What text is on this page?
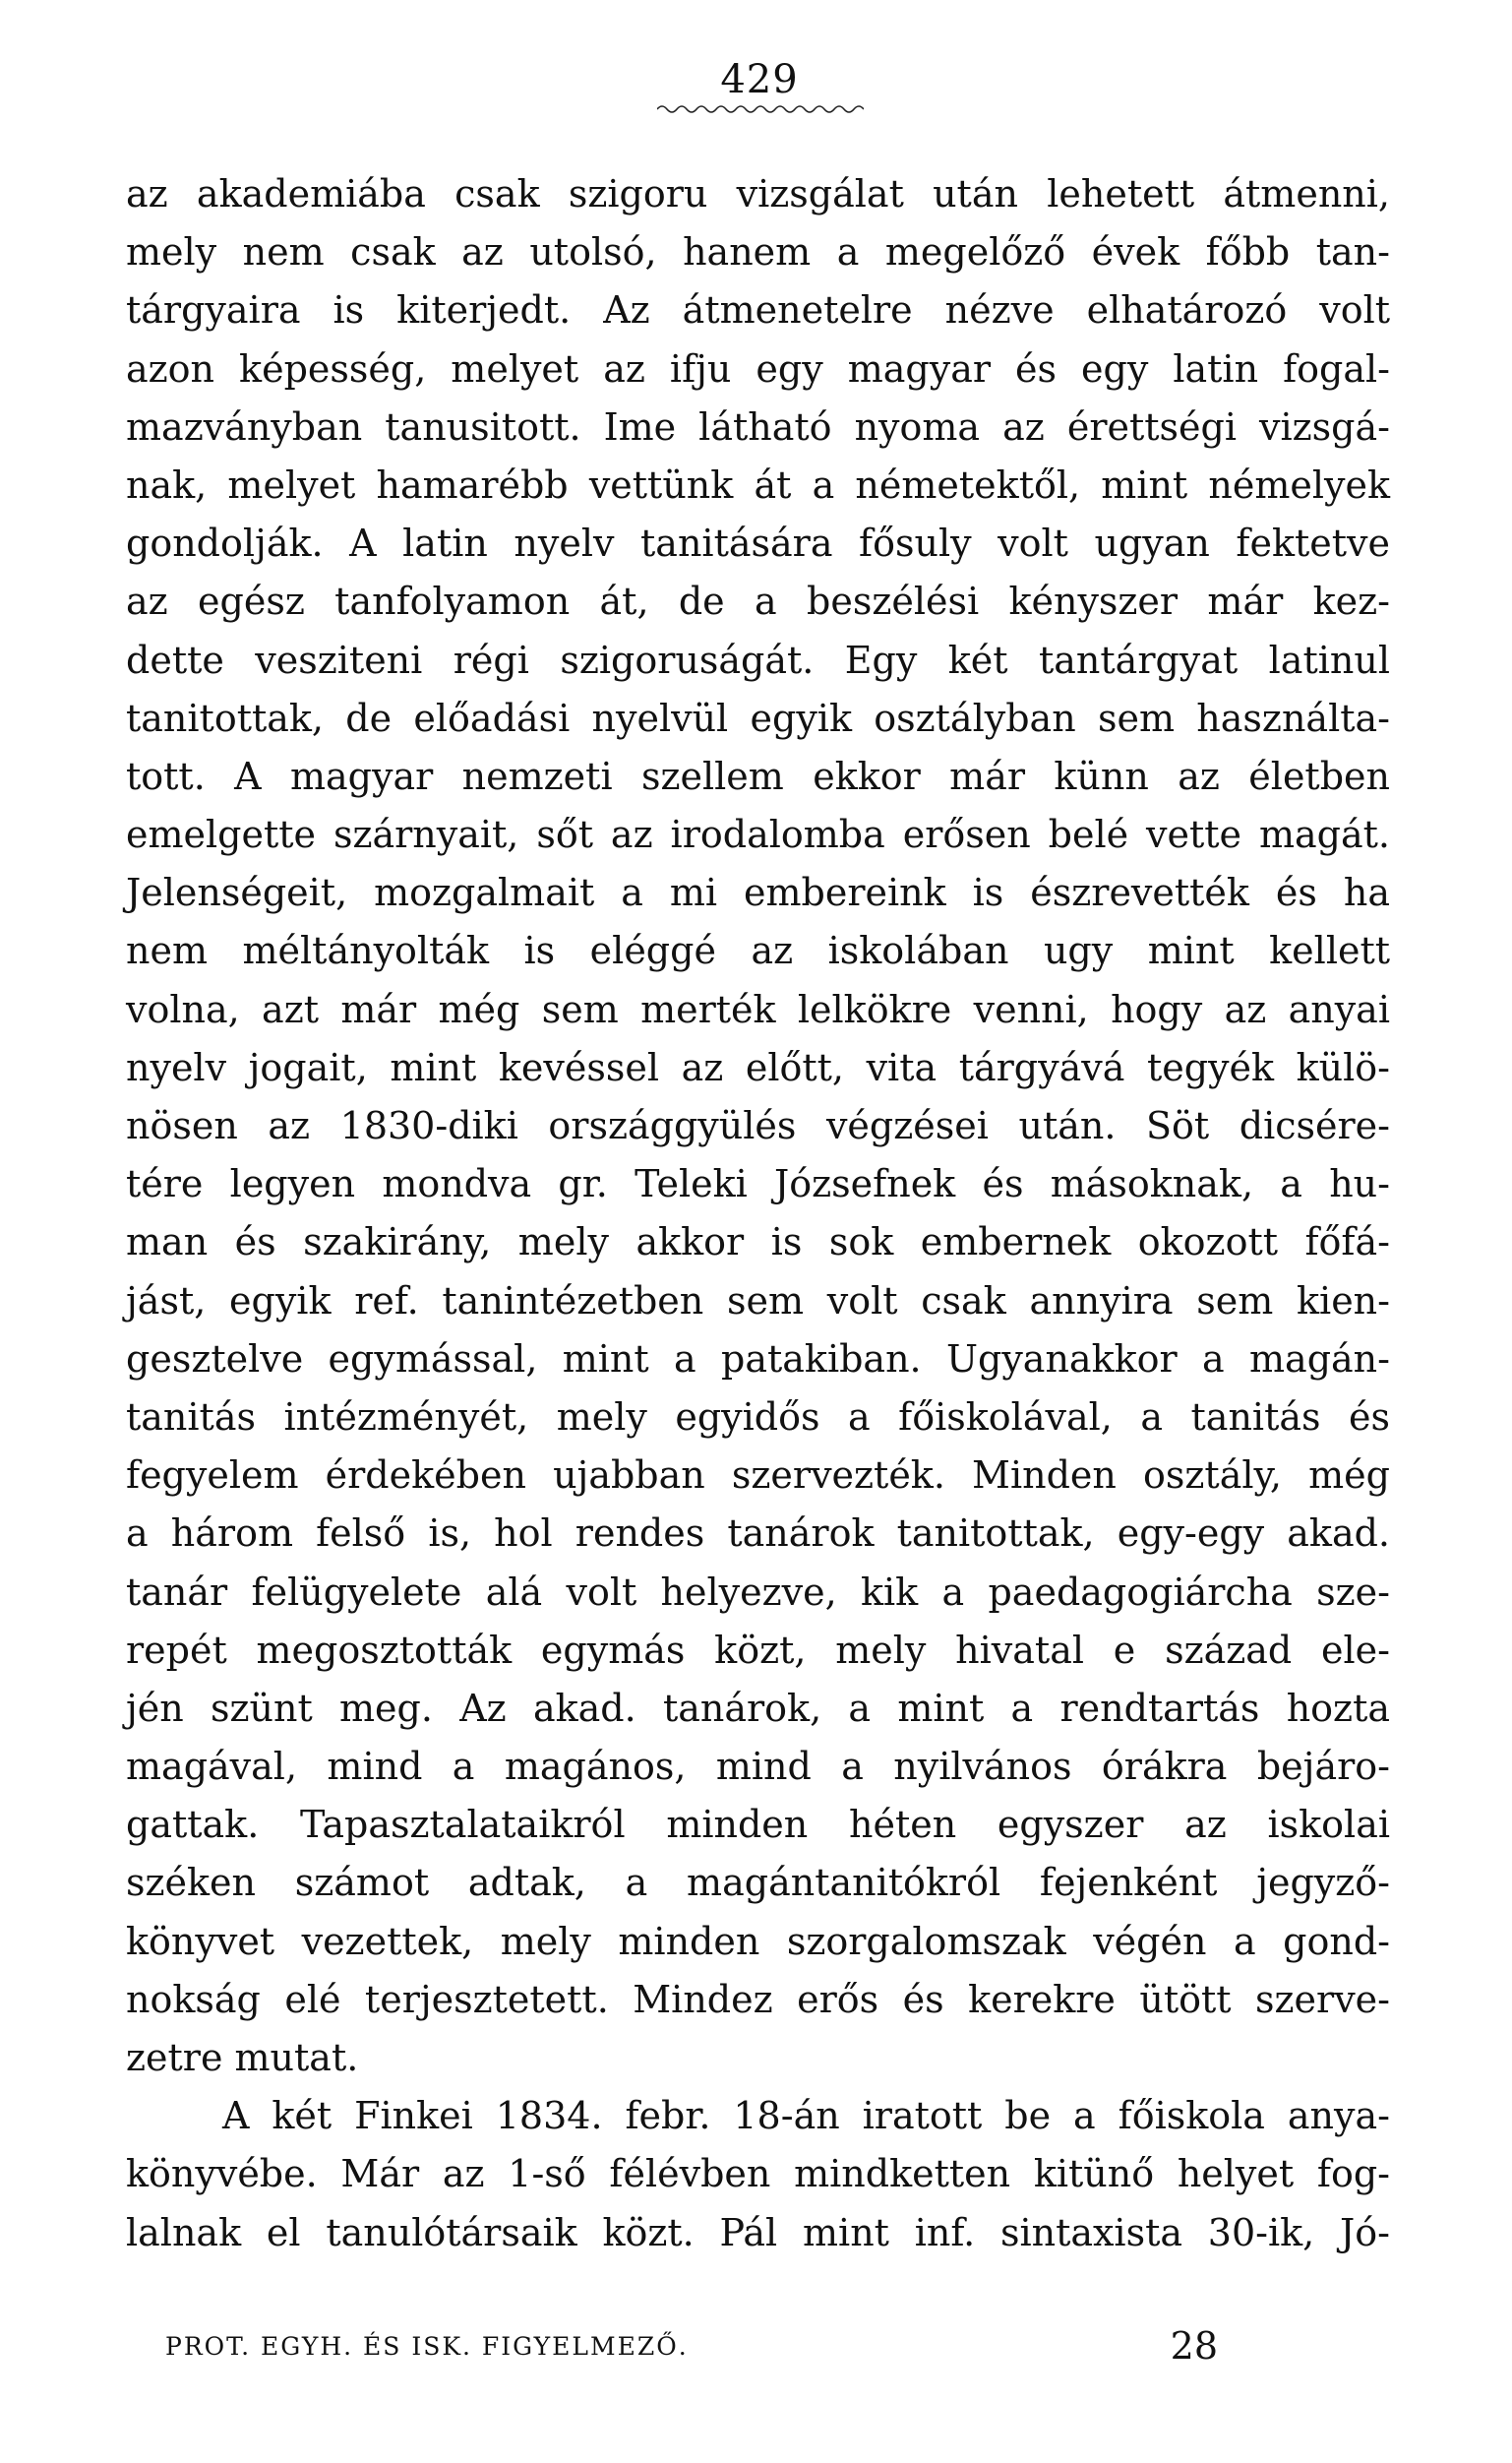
429
az akademiába csak szigoru vizsgálat után lehetett átmenni,
mely nem csak az utolsó, hanem a megelőző évek főbb tan-
tárgyaira is kiterjedt. Az átmenetelre nézve elhatározó volt
azon képesség, melyet az ifju egy magyar és egy latin fogal-
mazványban tanusitott. Ime látható nyoma az érettségi vizsgá-
nak, melyet hamarébb vettünk át a németektől, mint némelyek
gondolják. A latin nyelv tanitására fősuly volt ugyan fektetve
az egész tanfolyamon át, de a beszélési kényszer már kez-
dette vesziteni régi szigoruságát. Egy két tantárgyat latinul
tanitottak, de előadási nyelvül egyik osztályban sem használta-
tott. A magyar nemzeti szellem ekkor már künn az életben
emelgette szárnyait, sőt az irodalomba erősen belé vette magát.
Jelenségeit, mozgalmait a mi embereink is észrevették és ha
nem méltányolták is eléggé az iskolában ugy mint kellett
volna, azt már még sem merték lelkökre venni, hogy az anyai
nyelv jogait, mint kevéssel az előtt, vita tárgyává tegyék külö-
nösen az 1830-diki országgyülés végzései után. Söt dicsére-
tére legyen mondva gr. Teleki Józsefnek és másoknak, a hu-
man és szakirány, mely akkor is sok embernek okozott főfá-
jást, egyik ref. tanintézetben sem volt csak annyira sem kien-
gesztelve egymással, mint a patakiban. Ugyanakkor a magán-
tanitás intézményét, mely egyidős a főiskolával, a tanitás és
fegyelem érdekében ujabban szervezték. Minden osztály, még
a három felső is, hol rendes tanárok tanitottak, egy-egy akad.
tanár felügyelete alá volt helyezve, kik a paedagogiárcha sze-
repét megosztották egymás közt, mely hivatal e század ele-
jén szünt meg. Az akad. tanárok, a mint a rendtartás hozta
magával, mind a magános, mind a nyilvános órákra bejáro-
gattak. Tapasztalataikról minden héten egyszer az iskolai
széken számot adtak, a magántanitókról fejenként jegyző-
könyvet vezettek, mely minden szorgalomszak végén a gond-
nokság elé terjesztetett. Mindez erős és kerekre ütött szerve-
zetre mutat.
A két Finkei 1834. febr. 18-án iratott be a főiskola anya-
könyvébe. Már az 1-ső félévben mindketten kitünő helyet fog-
lalnak el tanulótársaik közt. Pál mint inf. sintaxista 30-ik, Jó-
PROT. EGYH. ÉS ISK. FIGYELMEZŐ.	28
